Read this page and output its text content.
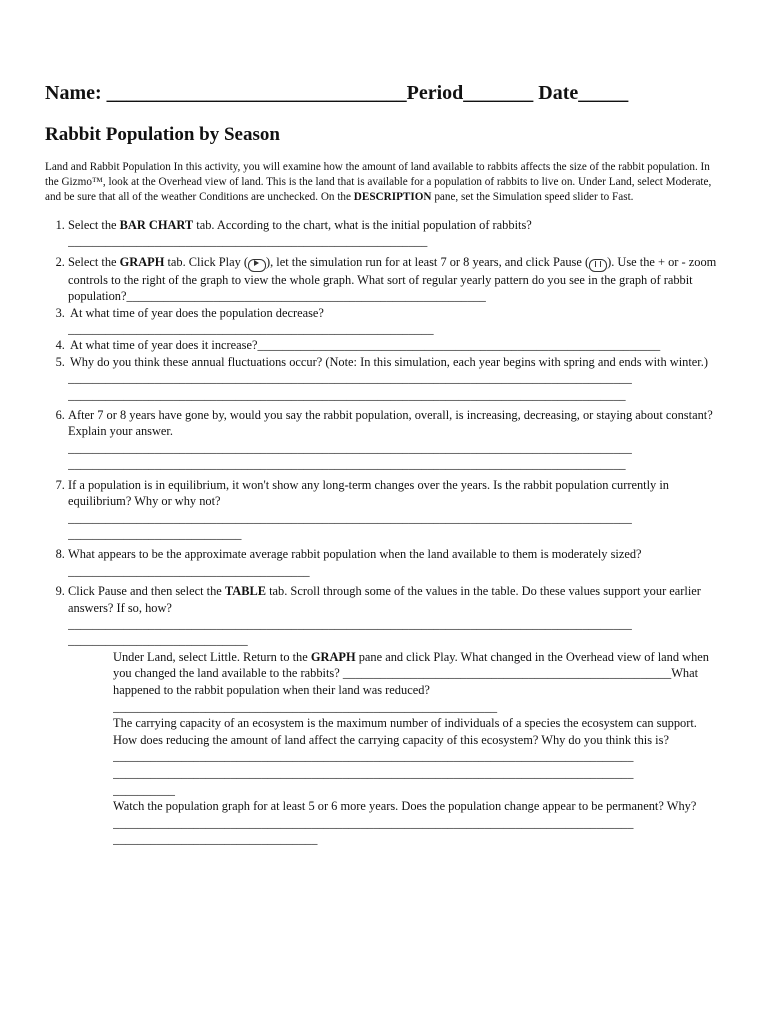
Name: ______________________________Period_______ Date_____
Rabbit Population by Season
Land and Rabbit Population In this activity, you will examine how the amount of land available to rabbits affects the size of the rabbit population. In the Gizmo™, look at the Overhead view of land. This is the land that is available for a population of rabbits to live on. Under Land, select Moderate, and be sure that all of the weather Conditions are unchecked. On the DESCRIPTION pane, set the Simulation speed slider to Fast.
1. Select the BAR CHART tab. According to the chart, what is the initial population of rabbits?
__________________________________________________________
2. Select the GRAPH tab. Click Play ( ), let the simulation run for at least 7 or 8 years, and click Pause ( ). Use the + or - zoom controls to the right of the graph to view the whole graph. What sort of regular yearly pattern do you see in the graph of rabbit population?__________________________________________________________
3. At what time of year does the population decrease?
___________________________________________________________
4. At what time of year does it increase?_________________________________________________________________
5. Why do you think these annual fluctuations occur? (Note: In this simulation, each year begins with spring and ends with winter.)
___________________________________________________________________________________________
__________________________________________________________________________________________
6. After 7 or 8 years have gone by, would you say the rabbit population, overall, is increasing, decreasing, or staying about constant? Explain your answer.
___________________________________________________________________________________________
__________________________________________________________________________________________
7. If a population is in equilibrium, it won't show any long-term changes over the years. Is the rabbit population currently in equilibrium? Why or why not?
___________________________________________________________________________________________
____________________________
8. What appears to be the approximate average rabbit population when the land available to them is moderately sized?
_______________________________________
9. Click Pause and then select the TABLE tab. Scroll through some of the values in the table. Do these values support your earlier answers? If so, how?
___________________________________________________________________________________________
_____________________________

Under Land, select Little. Return to the GRAPH pane and click Play. What changed in the Overhead view of land when you changed the land available to the rabbits? _____________________________________________________What happened to the rabbit population when their land was reduced?
______________________________________________________________

The carrying capacity of an ecosystem is the maximum number of individuals of a species the ecosystem can support. How does reducing the amount of land affect the carrying capacity of this ecosystem? Why do you think this is?
____________________________________________________________________________________
____________________________________________________________________________________
__________

Watch the population graph for at least 5 or 6 more years. Does the population change appear to be permanent? Why?
____________________________________________________________________________________
_________________________________
